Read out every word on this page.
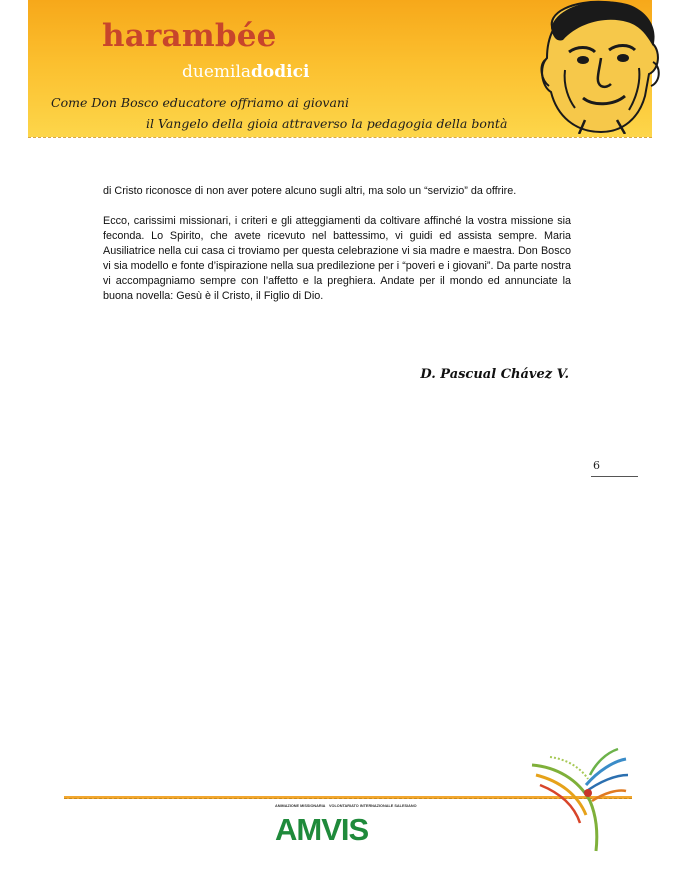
harambée
duemiladodici
Come Don Bosco educatore offriamo ai giovani
il Vangelo della gioia attraverso la pedagogia della bontà
di Cristo riconosce di non aver potere alcuno sugli altri, ma solo un “servizio” da offrire.
Ecco, carissimi missionari, i criteri e gli atteggiamenti da coltivare affinché la vostra missione sia feconda. Lo Spirito, che avete ricevuto nel battessimo, vi guidi ed assista sempre. Maria Ausiliatrice nella cui casa ci troviamo per questa celebrazione vi sia madre e maestra. Don Bosco vi sia modello e fonte d’ispirazione nella sua predilezione per i “poveri e i giovani”. Da parte nostra vi accompagniamo sempre con l’affetto e la preghiera. Andate per il mondo ed annunciate la buona novella: Gesù è il Cristo, il Figlio di Dio.
D. Pascual Chávez V.
6
ANIMAZIONE MISSIONARIA VOLONTARIATO INTERNAZIONALE SALESIANO
AMVIS
